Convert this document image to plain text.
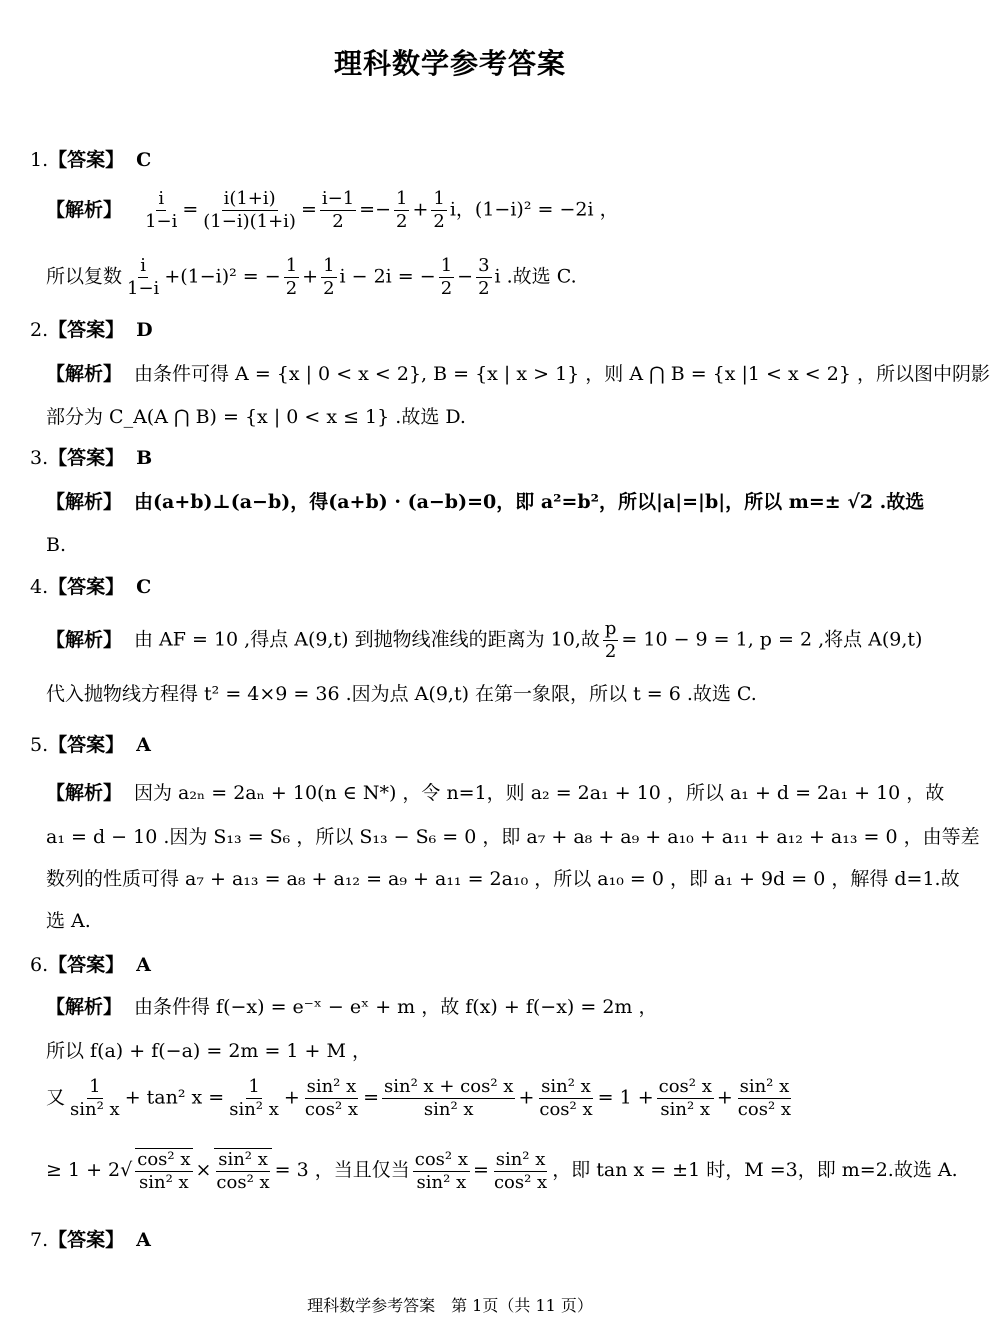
理科数学参考答案
1.【答案】 C
【解析】 $\frac{i}{1-i} = \frac{i(1+i)}{(1-i)(1+i)} = \frac{i-1}{2} =- \frac{1}{2} + \frac{1}{2}$ i，(1−i)² = −2i ，
所以复数 $\frac{i}{1-i} +(1-i)^2$ = − $\frac{1}{2} + \frac{1}{2}$ i − 2i = − $\frac{1}{2} - \frac{3}{2}$ i .故选 C.
2.【答案】 D
【解析】 由条件可得 A = {x | 0 < x < 2}, B = {x | x > 1} ，则 A ⋂ B = {x |1 < x < 2} ，所以图中阴影
部分为 C_A(A ⋂ B) = {x | 0 < x ≤ 1} .故选 D.
3.【答案】 B
【解析】 由(a+b)⊥(a−b)，得(a+b) · (a−b)=0，即 a²=b²，所以|a|=|b|，所以 m=± √2 .故选
B.
4.【答案】 C
【解析】 由 AF = 10 ,得点 A(9,t) 到抛物线准线的距离为 10,故 $\frac{p}{2} = 10 - 9 = 1$, p = 2 ,将点 A(9,t)
代入抛物线方程得 t² = 4×9 = 36 .因为点 A(9,t) 在第一象限，所以 t = 6 .故选 C.
5.【答案】 A
【解析】 因为 a₂ₙ = 2aₙ + 10(n ∈ N*) ，令 n=1，则 a₂ = 2a₁ + 10 ，所以 a₁ + d = 2a₁ + 10 ，故
a₁ = d − 10 .因为 S₁₃ = S₆ ，所以 S₁₃ − S₆ = 0 ，即 a₇ + a₈ + a₉ + a₁₀ + a₁₁ + a₁₂ + a₁₃ = 0 ，由等差
数列的性质可得 a₇ + a₁₃ = a₈ + a₁₂ = a₉ + a₁₁ = 2a₁₀ ，所以 a₁₀ = 0 ，即 a₁ + 9d = 0 ，解得 d=1.故
选 A.
6.【答案】 A
【解析】 由条件得 f(−x) = e⁻ˣ − eˣ + m ，故 f(x) + f(−x) = 2m ，
所以 f(a) + f(−a) = 2m = 1 + M ，
又 $\frac{1}{\text{sin² x}} + \tan^2$ $x = \frac{1}{\text{sin² x}} + \frac{\text{sin² x}}{\text{cos² x}} = \frac{\text{sin² x + cos² x}}{\text{sin² x}} + \frac{\text{sin² x}}{\text{cos² x}} = 1 + \frac{\text{cos² x}}{\text{sin² x}} + \frac{\text{sin² x}}{\text{cos² x}}$
≥ $1 + 2√ \frac{\text{cos² x}}{\text{sin² x}} \times \frac{\text{sin² x}}{\text{cos² x}} = 3$ ，当且仅当 $\frac{\text{cos² x}}{\text{sin² x}} = \frac{\text{sin² x}}{\text{cos² x}}$ ，即 tan x = ±1 时，M =3，即 m=2.故选 A.
7.【答案】 A
理科数学参考答案　第 1页（共 11 页）
